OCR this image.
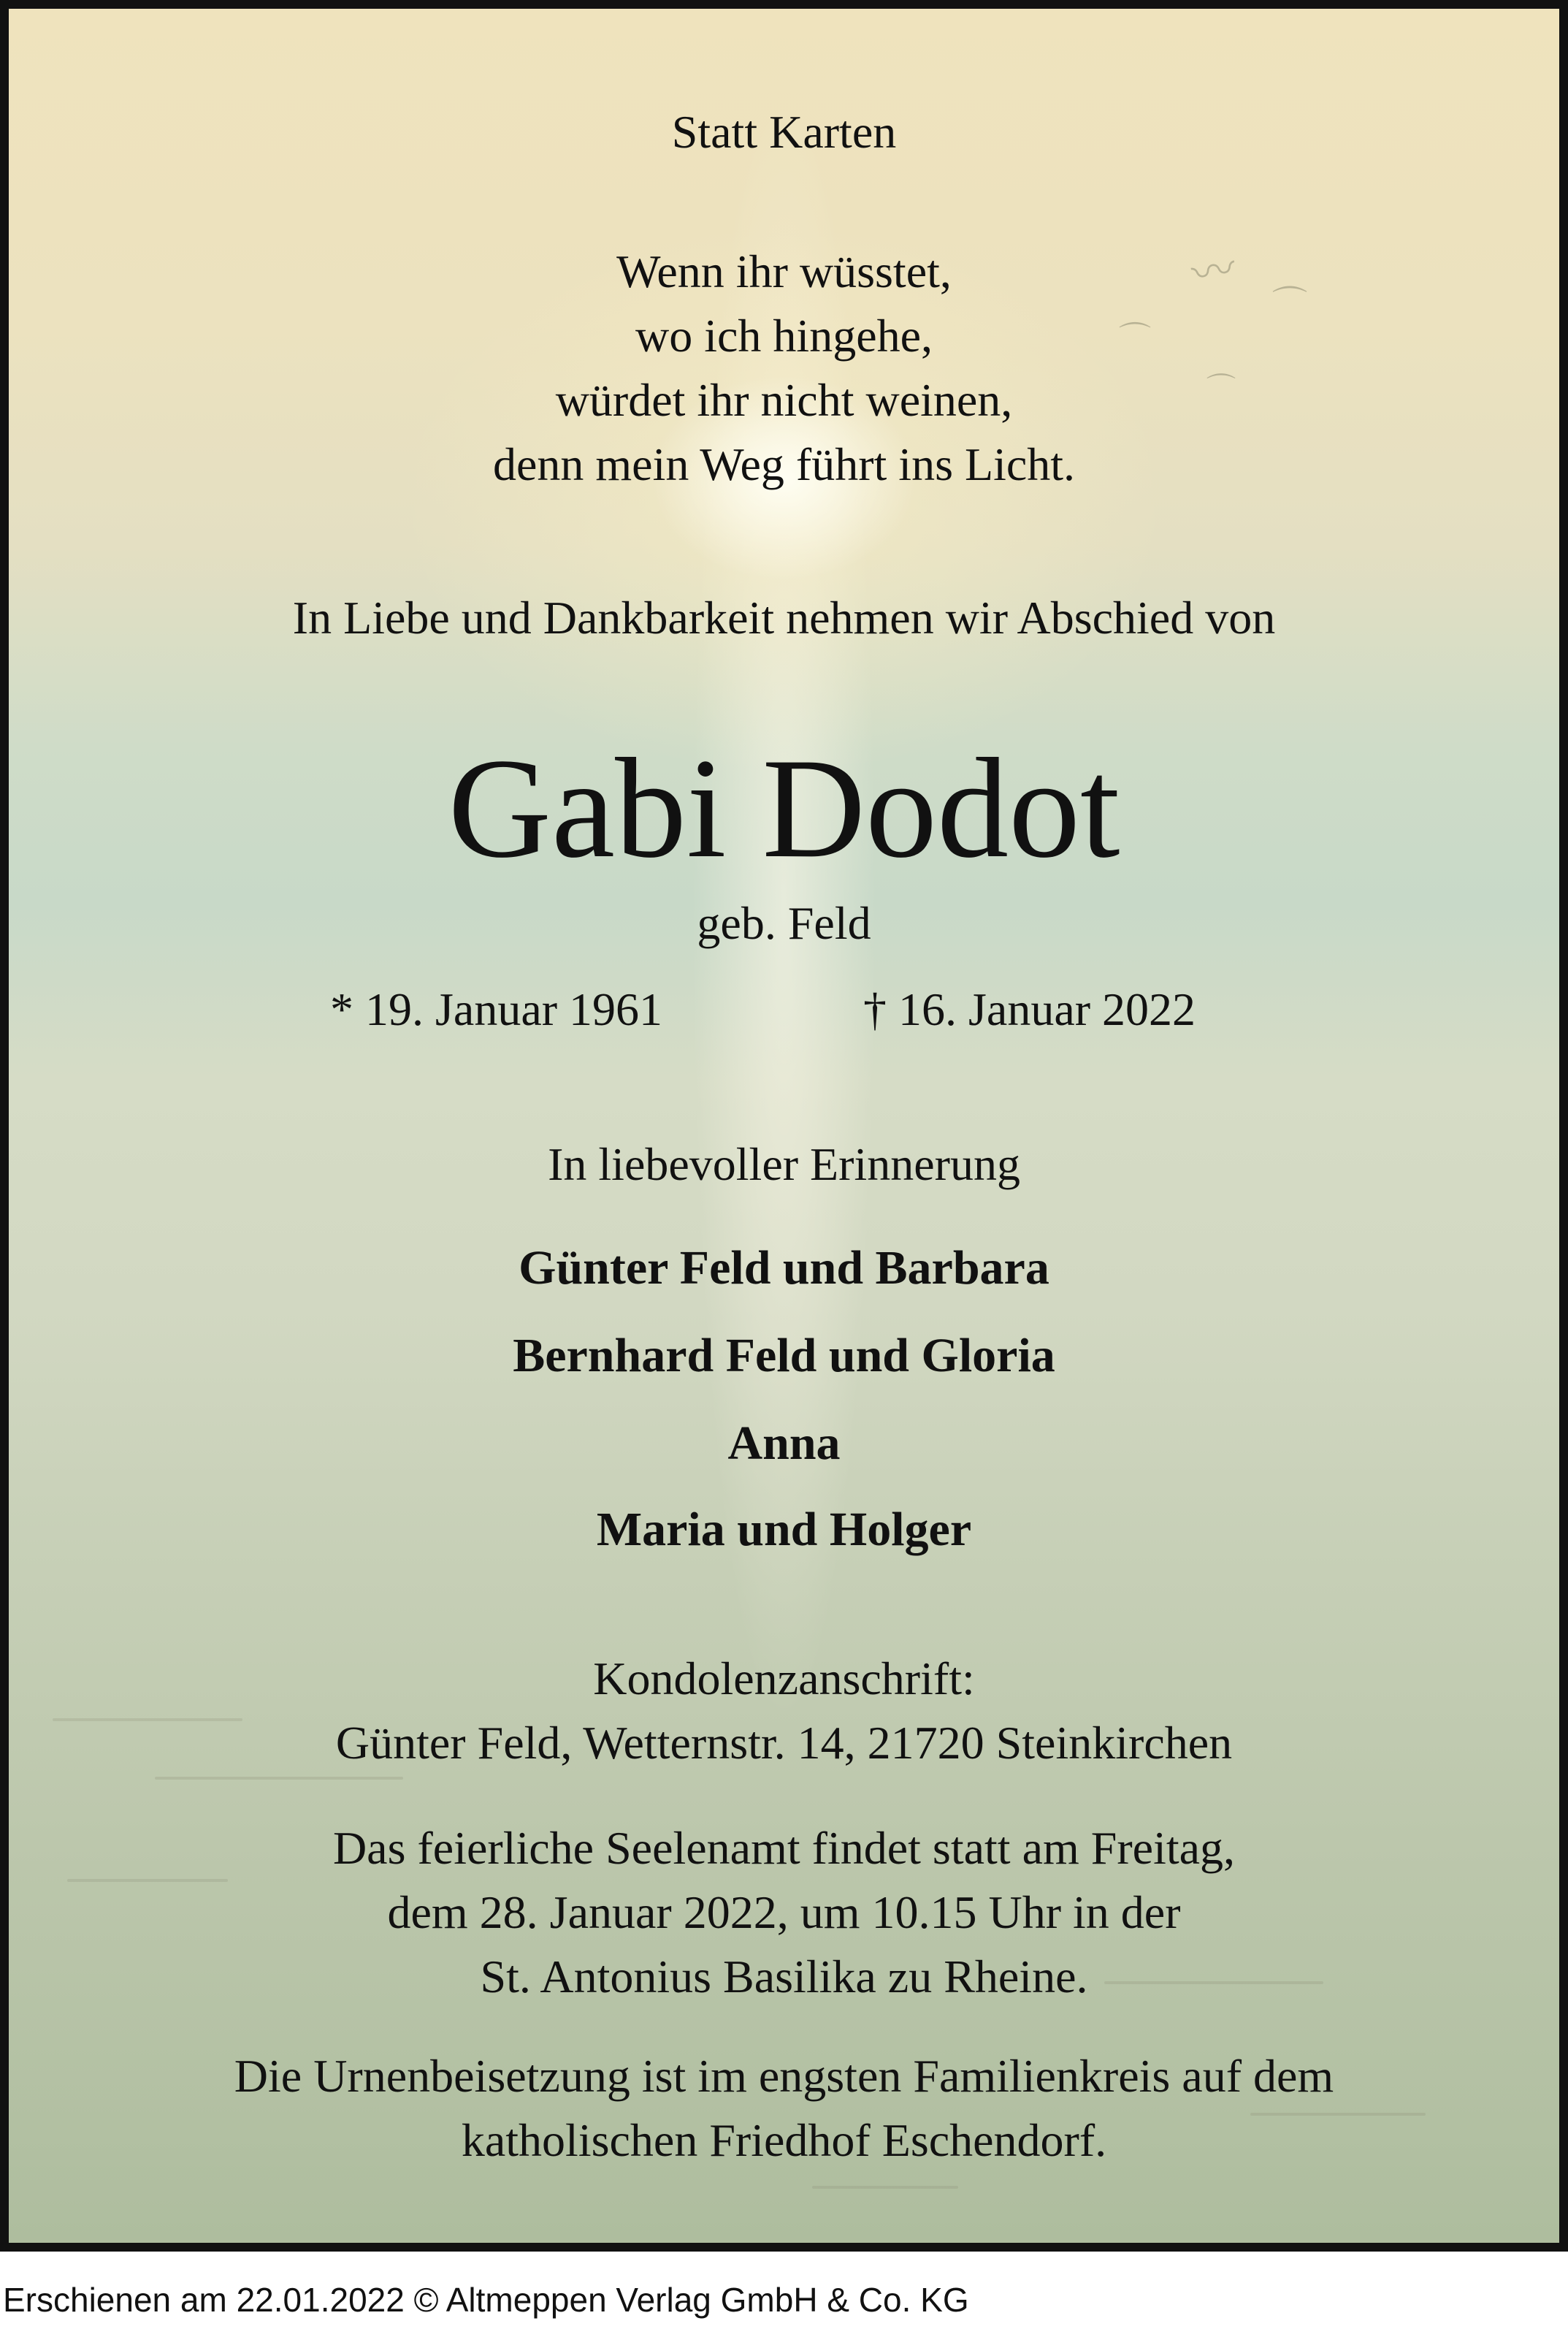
〰
⌒
⌒
⌒
Statt Karten
Wenn ihr wüsstet,
wo ich hingehe,
würdet ihr nicht weinen,
denn mein Weg führt ins Licht.
In Liebe und Dankbarkeit nehmen wir Abschied von
Gabi Dodot
geb. Feld
* 19. Januar 1961	† 16. Januar 2022
In liebevoller Erinnerung
Günter Feld und Barbara
Bernhard Feld und Gloria
Anna
Maria und Holger
Kondolenzanschrift:
Günter Feld, Wetternstr. 14, 21720 Steinkirchen
Das feierliche Seelenamt findet statt am Freitag,
dem 28. Januar 2022, um 10.15 Uhr in der
St. Antonius Basilika zu Rheine.
Die Urnenbeisetzung ist im engsten Familienkreis auf dem
katholischen Friedhof Eschendorf.
Erschienen am 22.01.2022 © Altmeppen Verlag GmbH & Co. KG
